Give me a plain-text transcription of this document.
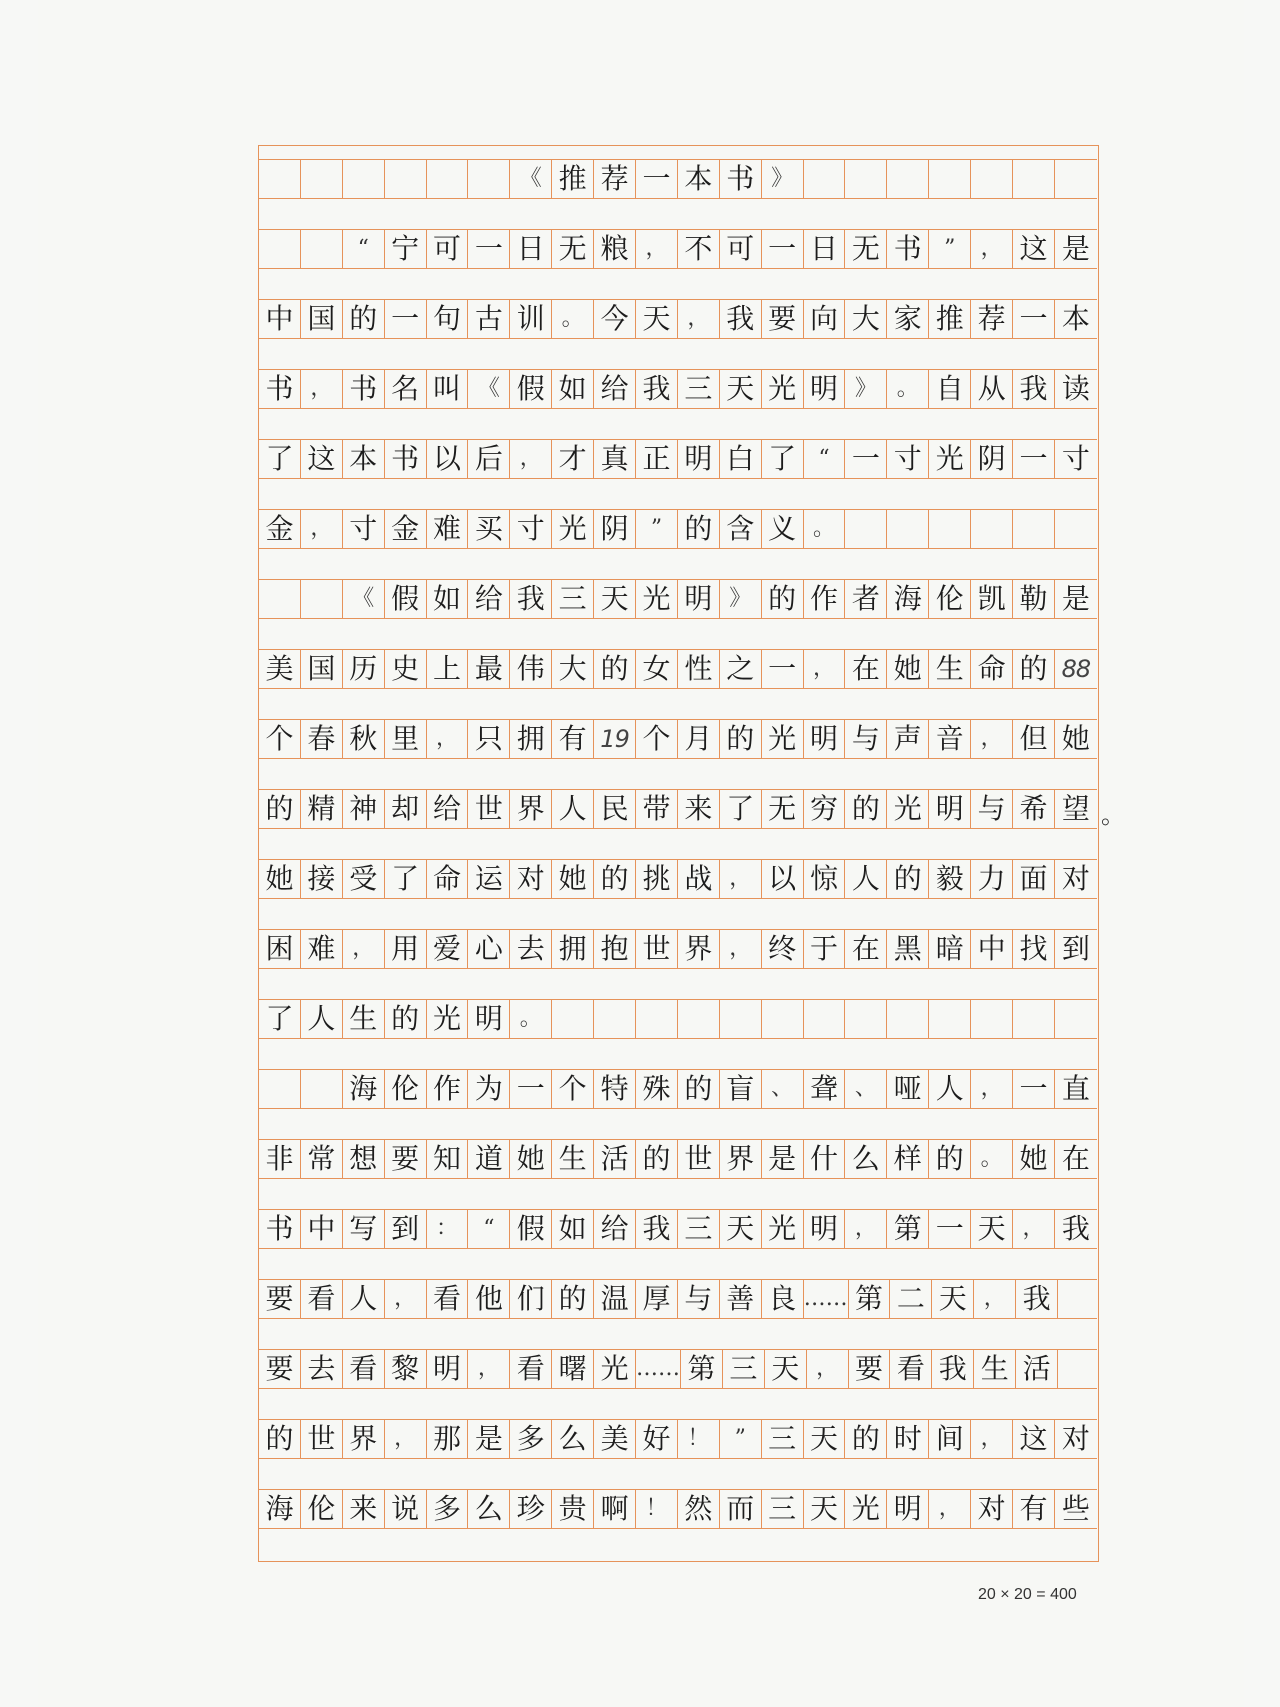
《 推 荐 一 本 书 》
“ 宁 可 一 日 无 粮 ， 不 可 一 日 无 书	”	， 这 是
中 国 的 一 句 古 训 。 今 天 ， 我 要 向 大 家 推 荐 一 本
书 ， 书 名 叫 《 假 如 给 我 三 天 光 明 》 。 自 从 我 读
了 这 本 书 以 后 ， 才 真 正 明 白 了	“ 一 寸 光 阴 一 寸
金 ， 寸 金 难 买 寸 光 阴	” 的 含 义 。
《 假 如 给 我 三 天 光 明 》 的 作 者 海 伦 凯 勒 是
美 国 历 史 上 最 伟 大 的 女 性 之 一 ， 在 她 生 命 的 88
个 春 秋 里 ， 只 拥 有 19 个 月 的 光 明 与 声 音 ， 但 她
的 精 神 却 给 世 界 人 民 带 来 了 无 穷 的 光 明 与 希 望
她 接 受 了 命 运 对 她 的 挑 战 ， 以 惊 人 的 毅 力 面 对
困 难 ， 用 爱 心 去 拥 抱 世 界 ， 终 于 在 黑 暗 中 找 到
了 人 生 的 光 明 。
海 伦 作 为 一 个 特 殊 的 盲 、 聋 、 哑 人 ， 一 直
非 常 想 要 知 道 她 生 活 的 世 界 是 什 么 样 的 。 她 在
书 中 写 到 ：	“ 假 如 给 我 三 天 光 明 ， 第 一 天 ， 我
要 看 人 ， 看 他 们 的 温 厚 与 善 良 …… 第 二 天 ， 我
要 去 看 黎 明 ， 看 曙 光 …… 第 三 天 ， 要 看 我 生 活
的 世 界 ， 那 是 多 么 美 好 ！	” 三 天 的 时 间 ， 这 对
海 伦 来 说 多 么 珍 贵 啊 ！ 然 而 三 天 光 明 ， 对 有 些
。
20 × 20 = 400
